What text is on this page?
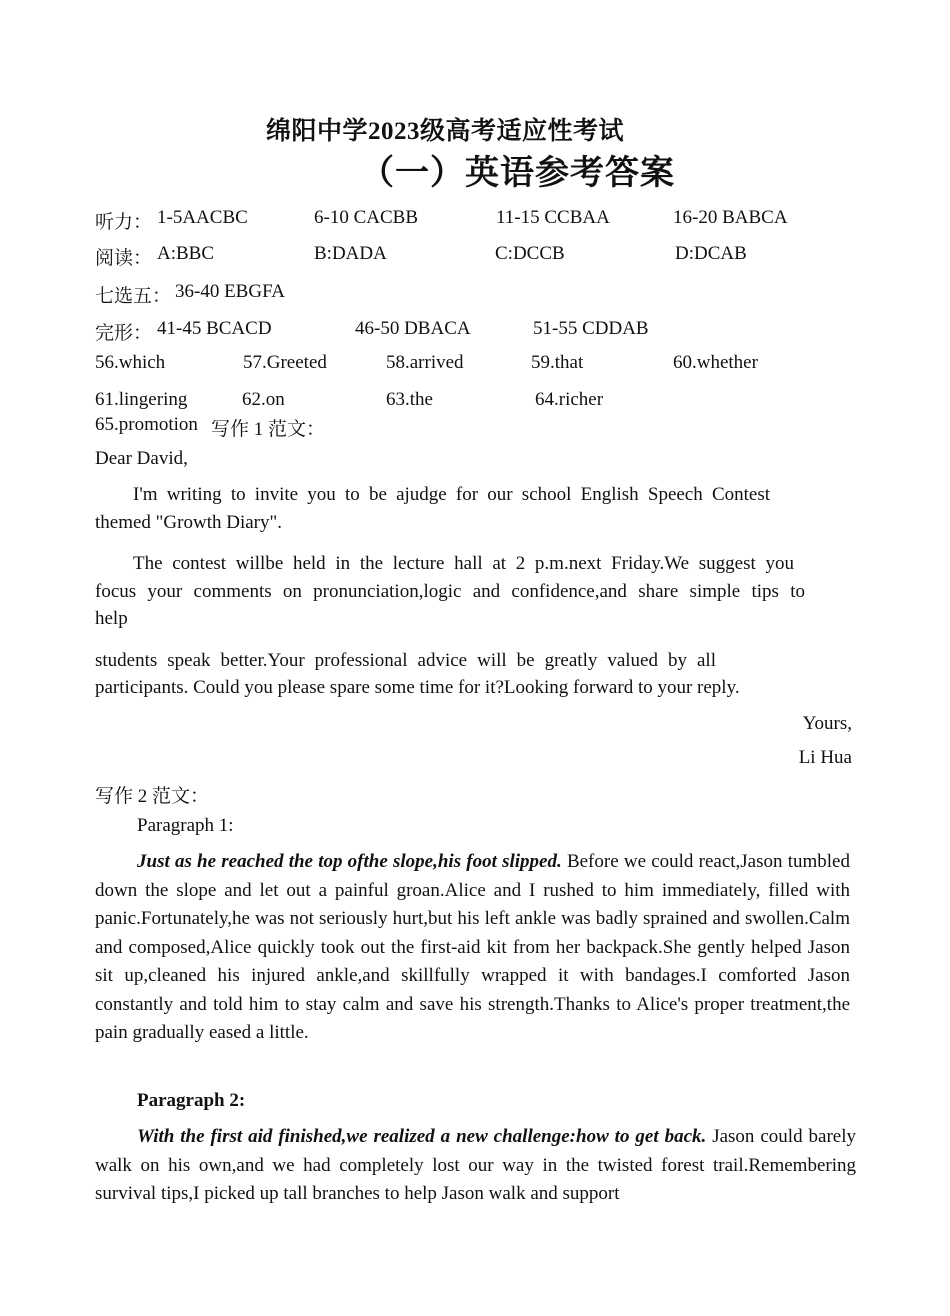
绵阳中学2023级高考适应性考试
（一）英语参考答案
听力： 1-5AACBC	6-10 CACBB	11-15 CCBAA	16-20 BABCA
阅读： A:BBC	B:DADA	C:DCCB	D:DCAB
七选五： 36-40 EBGFA
完形： 41-45 BCACD	46-50 DBACA	51-55 CDDAB
56.which	57.Greeted	58.arrived	59.that	60.whether
61.lingering	62.on	63.the	64.richer
65.promotion 写作 1 范文：
Dear David,
I'm writing to invite you to be ajudge for our school English Speech Contest
themed "Growth Diary".
The contest willbe held in the lecture hall at 2 p.m.next Friday.We suggest you
focus your comments on pronunciation,logic and confidence,and share simple tips to
help
students speak better.Your professional advice will be greatly valued by all
participants. Could you please spare some time for it?Looking forward to your reply.
Yours,
Li Hua
写作 2 范文：
Paragraph 1:
Just as he reached the top ofthe slope,his foot slipped. Before we could react,Jason tumbled down the slope and let out a painful groan.Alice and I rushed to him immediately, filled with panic.Fortunately,he was not seriously hurt,but his left ankle was badly sprained and swollen.Calm and composed,Alice quickly took out the first-aid kit from her backpack.She gently helped Jason sit up,cleaned his injured ankle,and skillfully wrapped it with bandages.I comforted Jason constantly and told him to stay calm and save his strength.Thanks to Alice's proper treatment,the pain gradually eased a little.
Paragraph 2:
With the first aid finished,we realized a new challenge:how to get back. Jason could barely walk on his own,and we had completely lost our way in the twisted forest trail.Remembering survival tips,I picked up tall branches to help Jason walk and support
